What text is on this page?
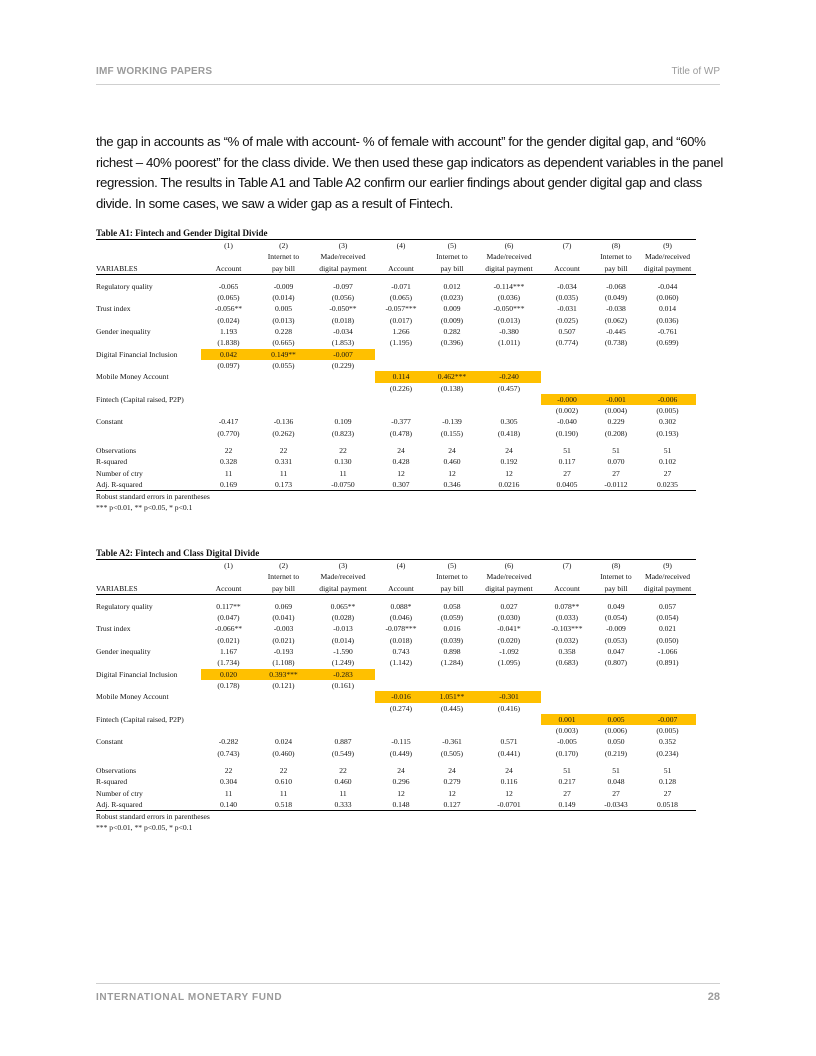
IMF WORKING PAPERS	Title of WP

the gap in accounts as “% of male with account- % of female with account” for the gender digital gap, and “60% richest – 40% poorest” for the class divide. We then used these gap indicators as dependent variables in the panel regression. The results in Table A1 and Table A2 confirm our earlier findings about gender digital gap and class divide. In some cases, we saw a wider gap as a result of Fintech.

Table A1: Fintech and Gender Digital Divide
	(1)	(2)	(3)	(4)	(5)	(6)	(7)	(8)	(9)
		Internet to	Made/received		Internet to	Made/received		Internet to	Made/received
VARIABLES	Account	pay bill	digital payment	Account	pay bill	digital payment	Account	pay bill	digital payment

Regulatory quality	-0.065	-0.009	-0.097	-0.071	0.012	-0.114***	-0.034	-0.068	-0.044
	(0.065)	(0.014)	(0.056)	(0.065)	(0.023)	(0.036)	(0.035)	(0.049)	(0.060)
Trust index	-0.056**	0.005	-0.050**	-0.057***	0.009	-0.050***	-0.031	-0.038	0.014
	(0.024)	(0.013)	(0.018)	(0.017)	(0.009)	(0.013)	(0.025)	(0.062)	(0.036)
Gender inequality	1.193	0.228	-0.034	1.266	0.282	-0.380	0.507	-0.445	-0.761
	(1.838)	(0.665)	(1.853)	(1.195)	(0.396)	(1.011)	(0.774)	(0.738)	(0.699)
Digital Financial Inclusion	0.042	0.149**	-0.007						
	(0.097)	(0.055)	(0.229)						
Mobile Money Account				0.114	0.462***	-0.240			
				(0.226)	(0.138)	(0.457)			
Fintech (Capital raised, P2P)							-0.000	-0.001	-0.006
							(0.002)	(0.004)	(0.005)
Constant	-0.417	-0.136	0.109	-0.377	-0.139	0.305	-0.040	0.229	0.302
	(0.770)	(0.262)	(0.823)	(0.478)	(0.155)	(0.418)	(0.190)	(0.208)	(0.193)

Observations	22	22	22	24	24	24	51	51	51
R-squared	0.328	0.331	0.130	0.428	0.460	0.192	0.117	0.070	0.102
Number of ctry	11	11	11	12	12	12	27	27	27
Adj. R-squared	0.169	0.173	-0.0750	0.307	0.346	0.0216	0.0405	-0.0112	0.0235
Robust standard errors in parentheses
*** p<0.01, ** p<0.05, * p<0.1
Table A2: Fintech and Class Digital Divide
	(1)	(2)	(3)	(4)	(5)	(6)	(7)	(8)	(9)
		Internet to	Made/received		Internet to	Made/received		Internet to	Made/received
VARIABLES	Account	pay bill	digital payment	Account	pay bill	digital payment	Account	pay bill	digital payment

Regulatory quality	0.117**	0.069	0.065**	0.088*	0.058	0.027	0.078**	0.049	0.057
	(0.047)	(0.041)	(0.028)	(0.046)	(0.059)	(0.030)	(0.033)	(0.054)	(0.054)
Trust index	-0.066**	-0.003	-0.013	-0.078***	0.016	-0.041*	-0.103***	-0.009	0.021
	(0.021)	(0.021)	(0.014)	(0.018)	(0.039)	(0.020)	(0.032)	(0.053)	(0.050)
Gender inequality	1.167	-0.193	-1.590	0.743	0.898	-1.092	0.358	0.047	-1.066
	(1.734)	(1.108)	(1.249)	(1.142)	(1.284)	(1.095)	(0.683)	(0.807)	(0.891)
Digital Financial Inclusion	0.020	0.393***	-0.283						
	(0.178)	(0.121)	(0.161)						
Mobile Money Account				-0.016	1.051**	-0.301			
				(0.274)	(0.445)	(0.416)			
Fintech (Capital raised, P2P)							0.001	0.005	-0.007
							(0.003)	(0.006)	(0.005)
Constant	-0.282	0.024	0.887	-0.115	-0.361	0.571	-0.005	0.050	0.352
	(0.743)	(0.460)	(0.549)	(0.449)	(0.505)	(0.441)	(0.170)	(0.219)	(0.234)

Observations	22	22	22	24	24	24	51	51	51
R-squared	0.304	0.610	0.460	0.296	0.279	0.116	0.217	0.048	0.128
Number of ctry	11	11	11	12	12	12	27	27	27
Adj. R-squared	0.140	0.518	0.333	0.148	0.127	-0.0701	0.149	-0.0343	0.0518
Robust standard errors in parentheses
*** p<0.01, ** p<0.05, * p<0.1
INTERNATIONAL MONETARY FUND	28
